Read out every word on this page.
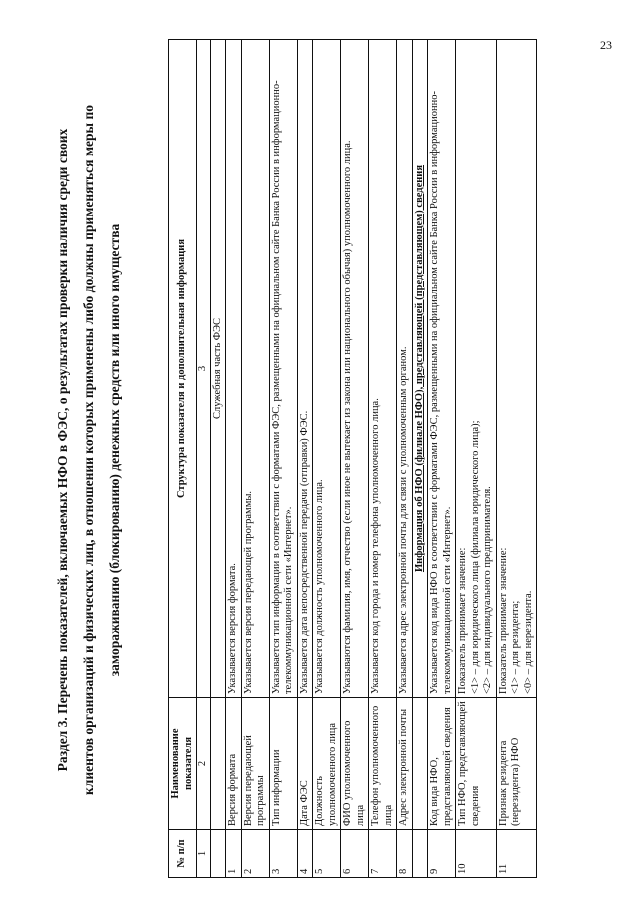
23
Раздел 3. Перечень показателей, включаемых НФО в ФЭС, о результатах проверки наличия среди своих клиентов организаций и физических лиц, в отношении которых применены либо должны применяться меры по замораживанию (блокированию) денежных средств или иного имущества
№ п/п	Наименование показателя	Структура показателя и дополнительная информация
1	2	3
		Служебная часть ФЭС
1	Версия формата	Указывается версия формата.

2	Версия передающей программы	Указывается версия передающей программы.

3	Тип информации	Указывается тип информации в соответствии с форматами ФЭС, размещенными на официальном сайте Банка России в информационно-телекоммуникационной сети «Интернет».

4	Дата ФЭС	Указывается дата непосредственной передачи (отправки) ФЭС.

5	Должность уполномоченного лица	Указывается должность уполномоченного лица.

6	ФИО уполномоченного лица	Указываются фамилия, имя, отчество (если иное не вытекает из закона или национального обычая) уполномоченного лица.

7	Телефон уполномоченного лица	Указывается код города и номер телефона уполномоченного лица.

8	Адрес электронной почты	Указывается адрес электронной почты для связи с уполномоченным органом.

		Информация об НФО (филиале НФО), представляющей (представляющем) сведения
9	Код вида НФО, представляющей сведения	Указывается код вида НФО в соответствии с форматами ФЭС, размещенными на официальном сайте Банка России в информационно-телекоммуникационной сети «Интернет».

10	Тип НФО, представляющей сведения	Показатель принимает значение: <1> – для юридического лица (филиала юридического лица); <2> – для индивидуального предпринимателя.

11	Признак резидента (нерезидента) НФО	Показатель принимает значение: <1> – для резидента; <0> – для нерезидента.
